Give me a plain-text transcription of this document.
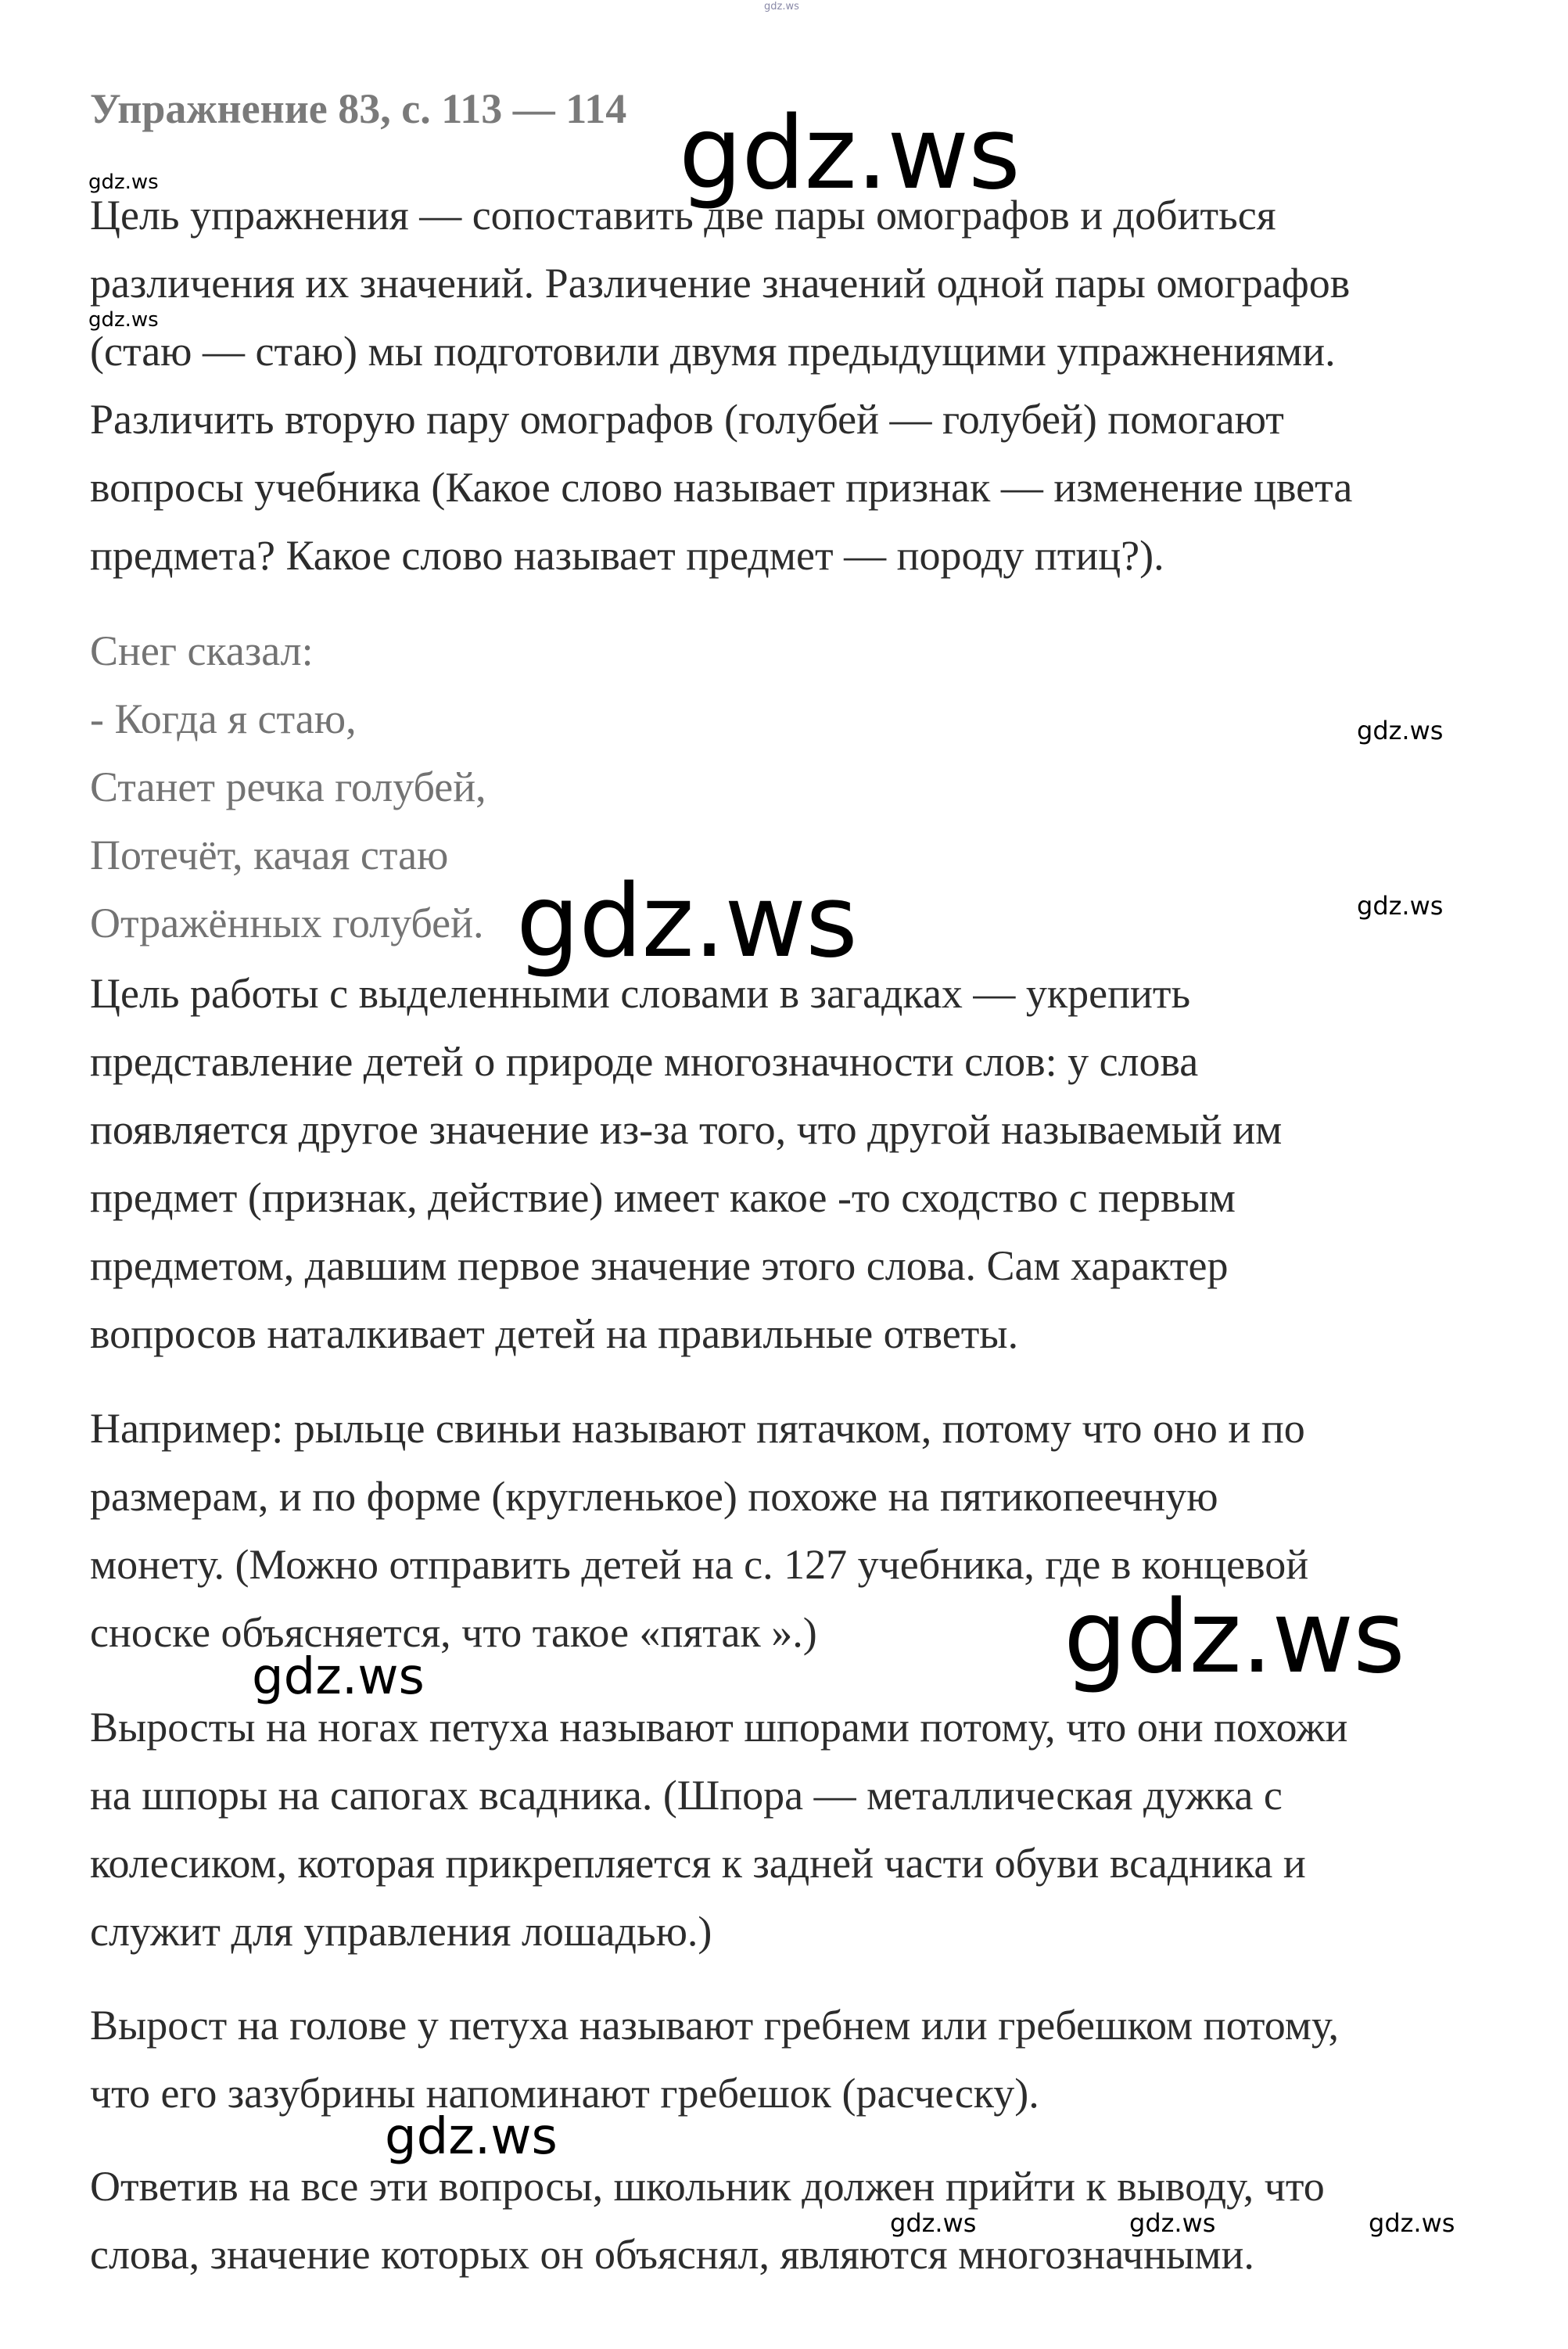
Упражнение 83, с. 113 — 114
Цель упражнения — сопоставить две пары омографов и добиться
различения их значений. Различение значений одной пары омографов
(стаю — стаю) мы подготовили двумя предыдущими упражнениями.
Различить вторую пару омографов (голубей — голубей) помогают
вопросы учебника (Какое слово называет признак — изменение цвета
предмета? Какое слово называет предмет — породу птиц?).
Снег сказал:
- Когда я стаю,
Станет речка голубей,
Потечёт, качая стаю
Отражённых голубей.
Цель работы с выделенными словами в загадках — укрепить
представление детей о природе многозначности слов: у слова
появляется другое значение из-за того, что другой называемый им
предмет (признак, действие) имеет какое -то сходство с первым
предметом, давшим первое значение этого слова. Сам характер
вопросов наталкивает детей на правильные ответы.
Например: рыльце свиньи называют пятачком, потому что оно и по
размерам, и по форме (кругленькое) похоже на пятикопеечную
монету. (Можно отправить детей на с. 127 учебника, где в концевой
сноске объясняется, что такое «пятак ».)
Выросты на ногах петуха называют шпорами потому, что они похожи
на шпоры на сапогах всадника. (Шпора — металлическая дужка с
колесиком, которая прикрепляется к задней части обуви всадника и
служит для управления лошадью.)
Вырост на голове у петуха называют гребнем или гребешком потому,
что его зазубрины напоминают гребешок (расческу).
Ответив на все эти вопросы, школьник должен прийти к выводу, что
слова, значение которых он объяснял, являются многозначными.
gdz.ws
gdz.ws
gdz.ws
gdz.ws
gdz.ws
gdz.ws
gdz.ws
gdz.ws
gdz.ws
gdz.ws
gdz.ws	gdz.ws	gdz.ws
